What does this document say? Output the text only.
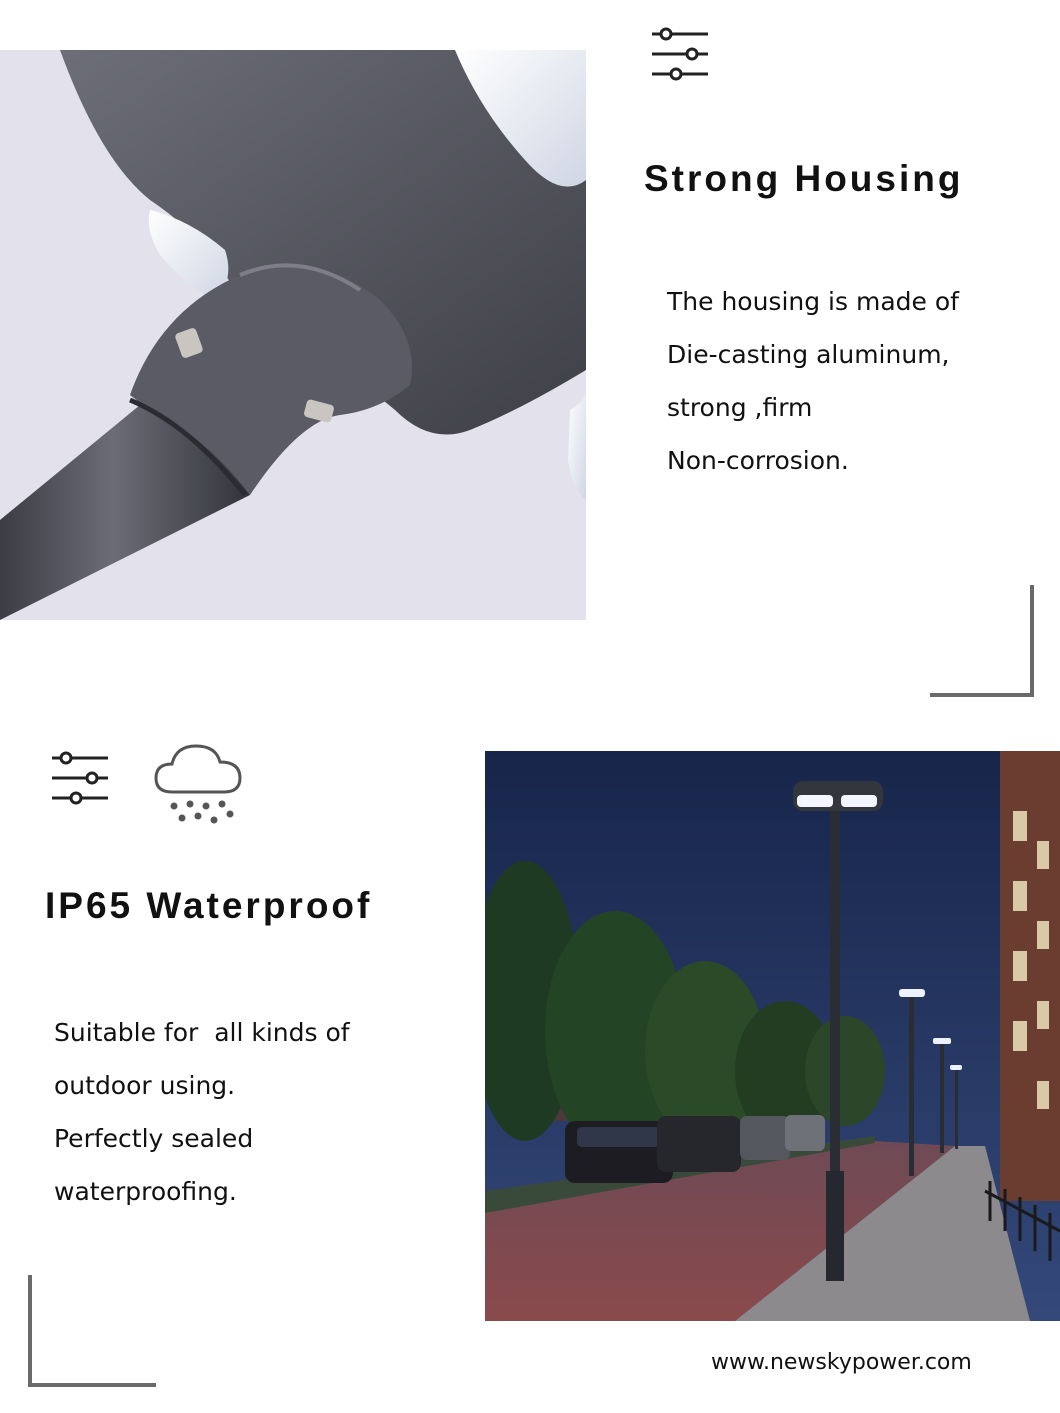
Strong Housing
The housing is made of
Die-casting aluminum,
strong ,firm
Non-corrosion.
IP65 Waterproof
Suitable for  all kinds of
outdoor using.
Perfectly sealed
waterproofing.
www.newskypower.com
